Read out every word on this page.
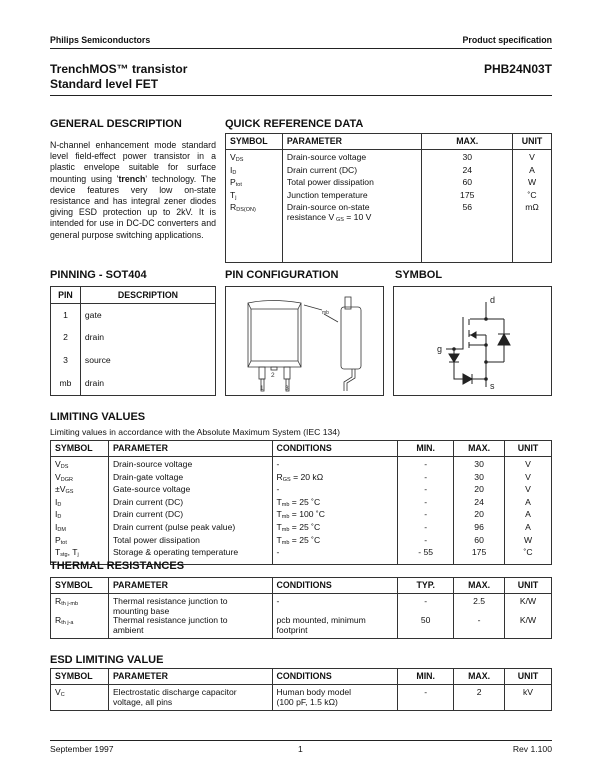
Philips Semiconductors	Product specification
TrenchMOS™ transistor
Standard level FET
PHB24N03T
GENERAL DESCRIPTION
N-channel enhancement mode standard level field-effect power transistor in a plastic envelope suitable for surface mounting using 'trench' technology. The device features very low on-state resistance and has integral zener diodes giving ESD protection up to 2kV. It is intended for use in DC-DC converters and general purpose switching applications.
QUICK REFERENCE DATA
SYMBOL	PARAMETER	MAX.	UNIT
$V_{DS}$	Drain-source voltage	30	V
$I_D$	Drain current (DC)	24	A
$P_{tot}$	Total power dissipation	60	W
$T_j$	Junction temperature	175	˚C
$R_{DS(ON)}$	Drain-source on-state
resistance V $_{GS}$ = 10 V	56	mΩ

PINNING - SOT404
PIN	DESCRIPTION
1	gate
2	drain
3	source
mb	drain
PIN CONFIGURATION
mb
1
2
3
SYMBOL
d
g
s
LIMITING VALUES
Limiting values in accordance with the Absolute Maximum System (IEC 134)
SYMBOL	PARAMETER	CONDITIONS	MIN.	MAX.	UNIT
$V_{DS}$	Drain-source voltage	-	-	30	V
$V_{DGR}$	Drain-gate voltage	$R_{GS} = 20$ kΩ	-	30	V
$\pm V_{GS}$	Gate-source voltage	-	-	20	V
$I_D$	Drain current (DC)	$T_{mb} = 25$ ˚C	-	24	A
$I_D$	Drain current (DC)	$T_{mb} = 100$ ˚C	-	20	A
$I_{DM}$	Drain current (pulse peak value)	$T_{mb} = 25$ ˚C	-	96	A
$P_{tot}$	Total power dissipation	$T_{mb} = 25$ ˚C	-	60	W
$T_{stg}$, $T_j$	Storage & operating temperature	-	- 55	175	˚C
THERMAL RESISTANCES
SYMBOL	PARAMETER	CONDITIONS	TYP.	MAX.	UNIT
$R_{th j-mb}$	Thermal resistance junction to
mounting base	-	-	2.5	K/W
$R_{th j-a}$	Thermal resistance junction to
ambient	pcb mounted, minimum
footprint	50	-	K/W
ESD LIMITING VALUE
SYMBOL	PARAMETER	CONDITIONS	MIN.	MAX.	UNIT
$V_C$	Electrostatic discharge capacitor
voltage, all pins	Human body model
(100 pF, 1.5 kΩ)	-	2	kV
September 1997	1	Rev 1.100
